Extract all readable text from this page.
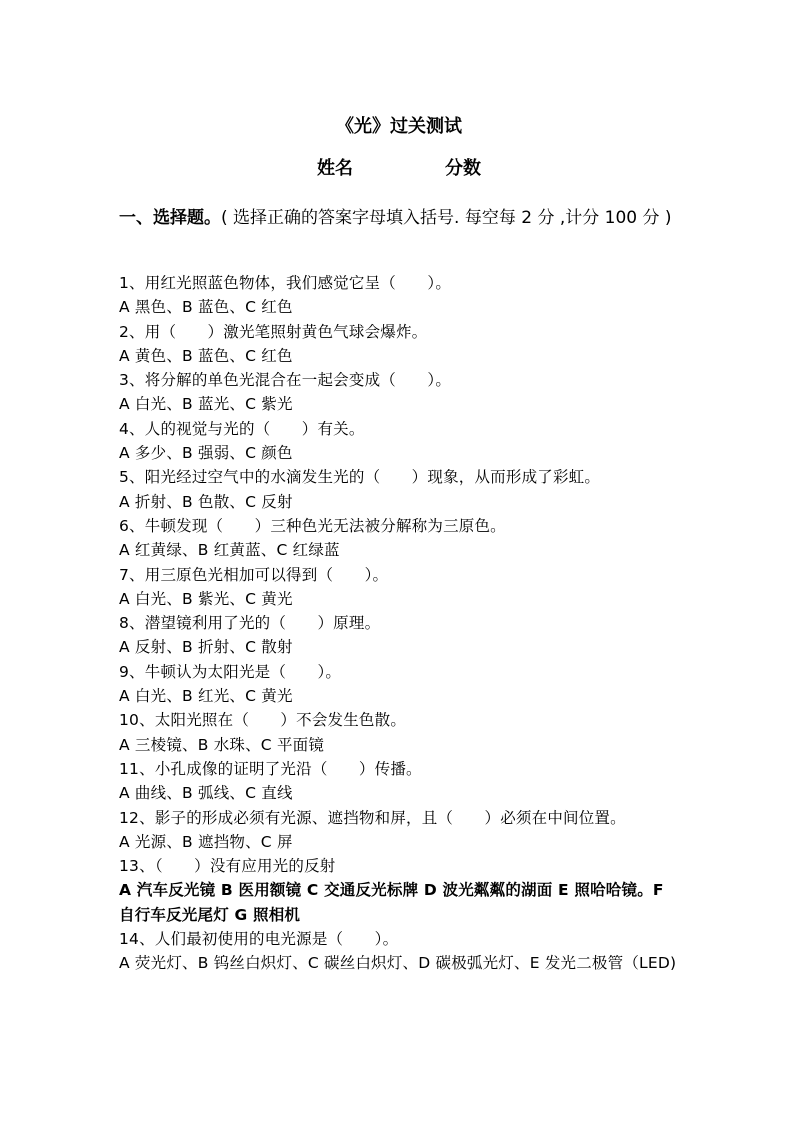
《光》过关测试
姓名	分数
一、选择题。( 选择正确的答案字母填入括号. 每空每 2 分 ,计分 100 分 )
1、用红光照蓝色物体，我们感觉它呈（　　）。
A 黑色、B 蓝色、C 红色
2、用（　　）激光笔照射黄色气球会爆炸。
A 黄色、B 蓝色、C 红色
3、将分解的单色光混合在一起会变成（　　）。
A 白光、B 蓝光、C 紫光
4、人的视觉与光的（　　）有关。
A 多少、B 强弱、C 颜色
5、阳光经过空气中的水滴发生光的（　　）现象，从而形成了彩虹。
A 折射、B 色散、C 反射
6、牛顿发现（　　）三种色光无法被分解称为三原色。
A 红黄绿、B 红黄蓝、C 红绿蓝
7、用三原色光相加可以得到（　　）。
A 白光、B 紫光、C 黄光
8、潜望镜利用了光的（　　）原理。
A 反射、B 折射、C 散射
9、牛顿认为太阳光是（　　）。
A 白光、B 红光、C 黄光
10、太阳光照在（　　）不会发生色散。
A 三棱镜、B 水珠、C 平面镜
11、小孔成像的证明了光沿（　　）传播。
A 曲线、B 弧线、C 直线
12、影子的形成必须有光源、遮挡物和屏，且（　　）必须在中间位置。
A 光源、B 遮挡物、C 屏
13、（　　）没有应用光的反射
A 汽车反光镜 B 医用额镜 C 交通反光标牌 D 波光粼粼的湖面 E 照哈哈镜。F 自行车反光尾灯 G 照相机
14、人们最初使用的电光源是（　　）。
A 荧光灯、B 钨丝白炽灯、C 碳丝白炽灯、D 碳极弧光灯、E 发光二极管（LED)
